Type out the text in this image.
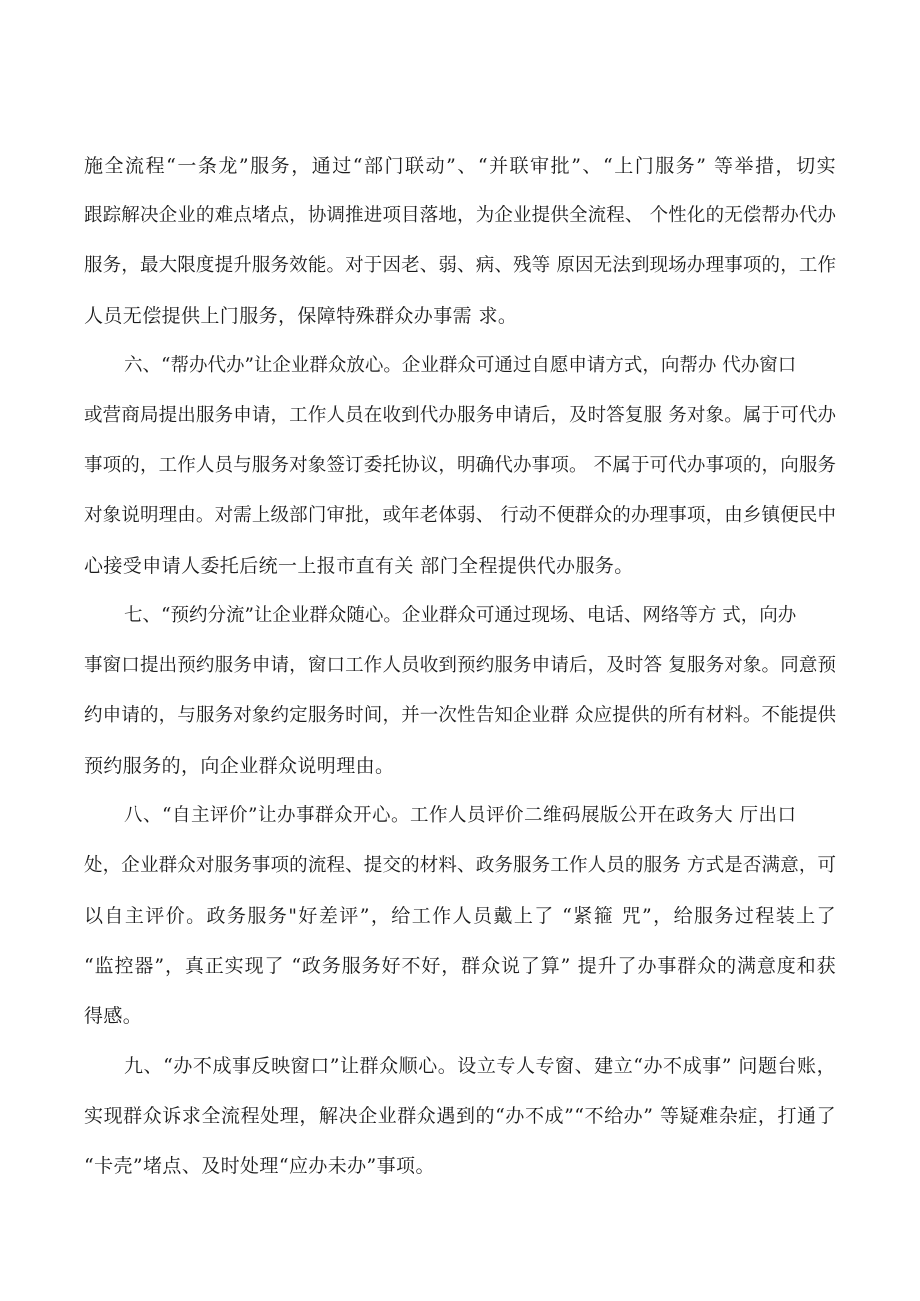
施全流程“一条龙”服务，通过“部门联动”、“并联审批”、“上门服务” 等举措，切实
跟踪解决企业的难点堵点，协调推进项目落地，为企业提供全流程、 个性化的无偿帮办代办
服务，最大限度提升服务效能。对于因老、弱、病、残等 原因无法到现场办理事项的，工作
人员无偿提供上门服务，保障特殊群众办事需 求。
六、“帮办代办”让企业群众放心。企业群众可通过自愿申请方式，向帮办 代办窗口
或营商局提出服务申请，工作人员在收到代办服务申请后，及时答复服 务对象。属于可代办
事项的，工作人员与服务对象签订委托协议，明确代办事项。 不属于可代办事项的，向服务
对象说明理由。对需上级部门审批，或年老体弱、 行动不便群众的办理事项，由乡镇便民中
心接受申请人委托后统一上报市直有关 部门全程提供代办服务。
七、“预约分流”让企业群众随心。企业群众可通过现场、电话、网络等方 式，向办
事窗口提出预约服务申请，窗口工作人员收到预约服务申请后，及时答 复服务对象。同意预
约申请的，与服务对象约定服务时间，并一次性告知企业群 众应提供的所有材料。不能提供
预约服务的，向企业群众说明理由。
八、“自主评价”让办事群众开心。工作人员评价二维码展版公开在政务大 厅出口
处，企业群众对服务事项的流程、提交的材料、政务服务工作人员的服务 方式是否满意，可
以自主评价。政务服务"好差评”，给工作人员戴上了 “紧箍 咒”，给服务过程装上了
“监控器”，真正实现了 “政务服务好不好，群众说了算” 提升了办事群众的满意度和获
得感。
九、“办不成事反映窗口”让群众顺心。设立专人专窗、建立“办不成事” 问题台账，
实现群众诉求全流程处理，解决企业群众遇到的“办不成”“不给办” 等疑难杂症，打通了
“卡壳”堵点、及时处理“应办未办”事项。
